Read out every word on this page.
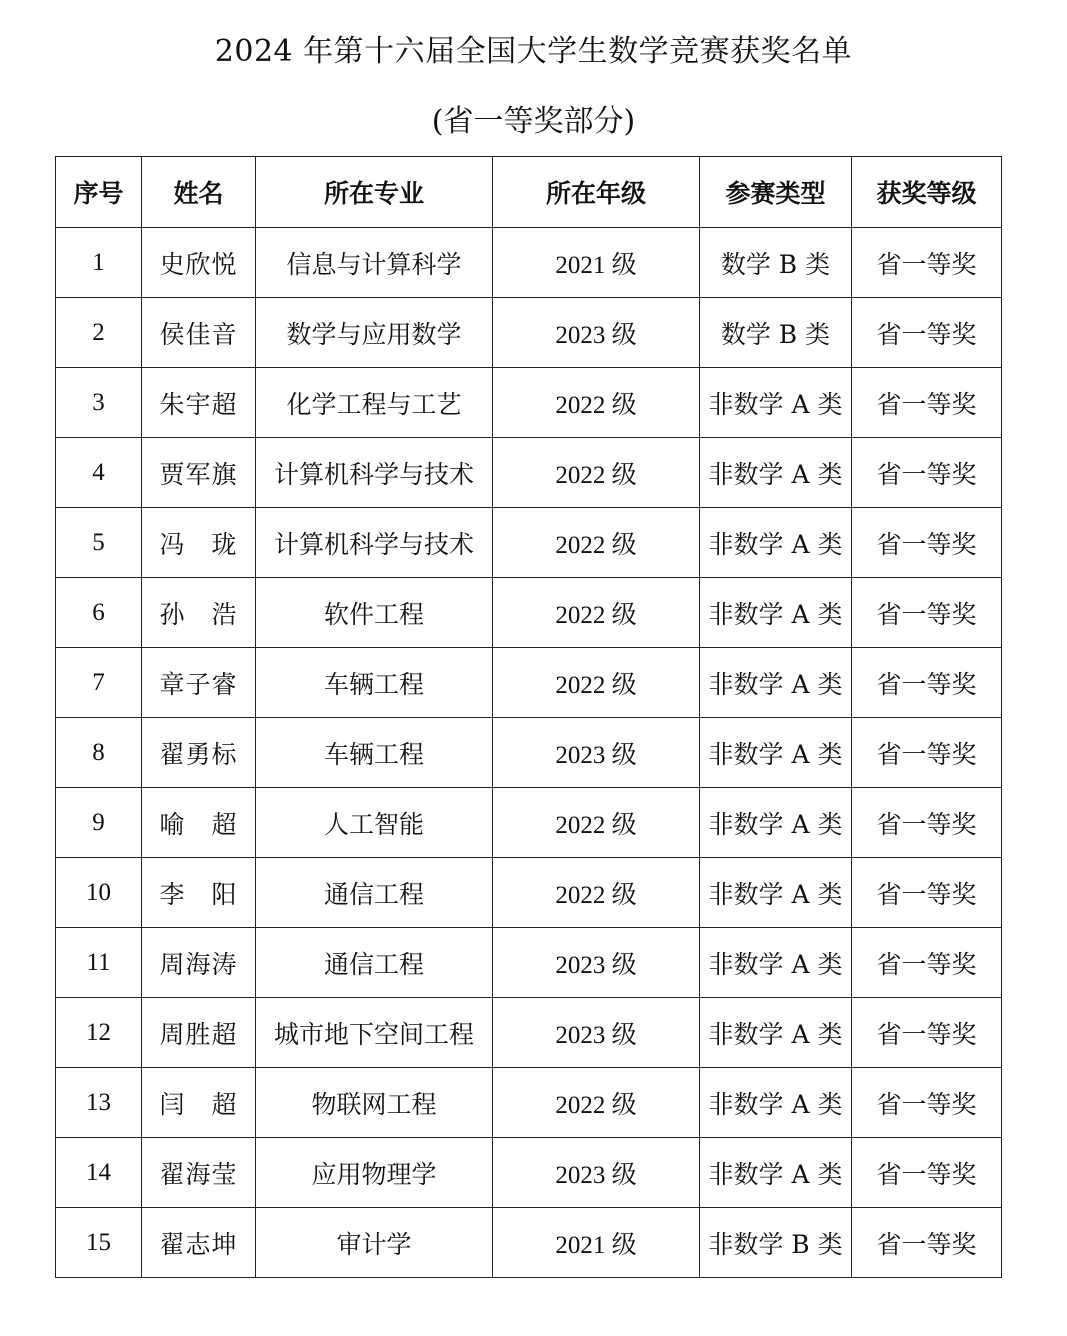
2024 年第十六届全国大学生数学竞赛获奖名单
(省一等奖部分)
序号	姓名	所在专业	所在年级	参赛类型	获奖等级
1	史欣悦	信息与计算科学	2021 级	数学 B 类	省一等奖
2	侯佳音	数学与应用数学	2023 级	数学 B 类	省一等奖
3	朱宇超	化学工程与工艺	2022 级	非数学 A 类	省一等奖
4	贾军旗	计算机科学与技术	2022 级	非数学 A 类	省一等奖
5	冯　珑	计算机科学与技术	2022 级	非数学 A 类	省一等奖
6	孙　浩	软件工程	2022 级	非数学 A 类	省一等奖
7	章子睿	车辆工程	2022 级	非数学 A 类	省一等奖
8	翟勇标	车辆工程	2023 级	非数学 A 类	省一等奖
9	喻　超	人工智能	2022 级	非数学 A 类	省一等奖
10	李　阳	通信工程	2022 级	非数学 A 类	省一等奖
11	周海涛	通信工程	2023 级	非数学 A 类	省一等奖
12	周胜超	城市地下空间工程	2023 级	非数学 A 类	省一等奖
13	闫　超	物联网工程	2022 级	非数学 A 类	省一等奖
14	翟海莹	应用物理学	2023 级	非数学 A 类	省一等奖
15	翟志坤	审计学	2021 级	非数学 B 类	省一等奖
